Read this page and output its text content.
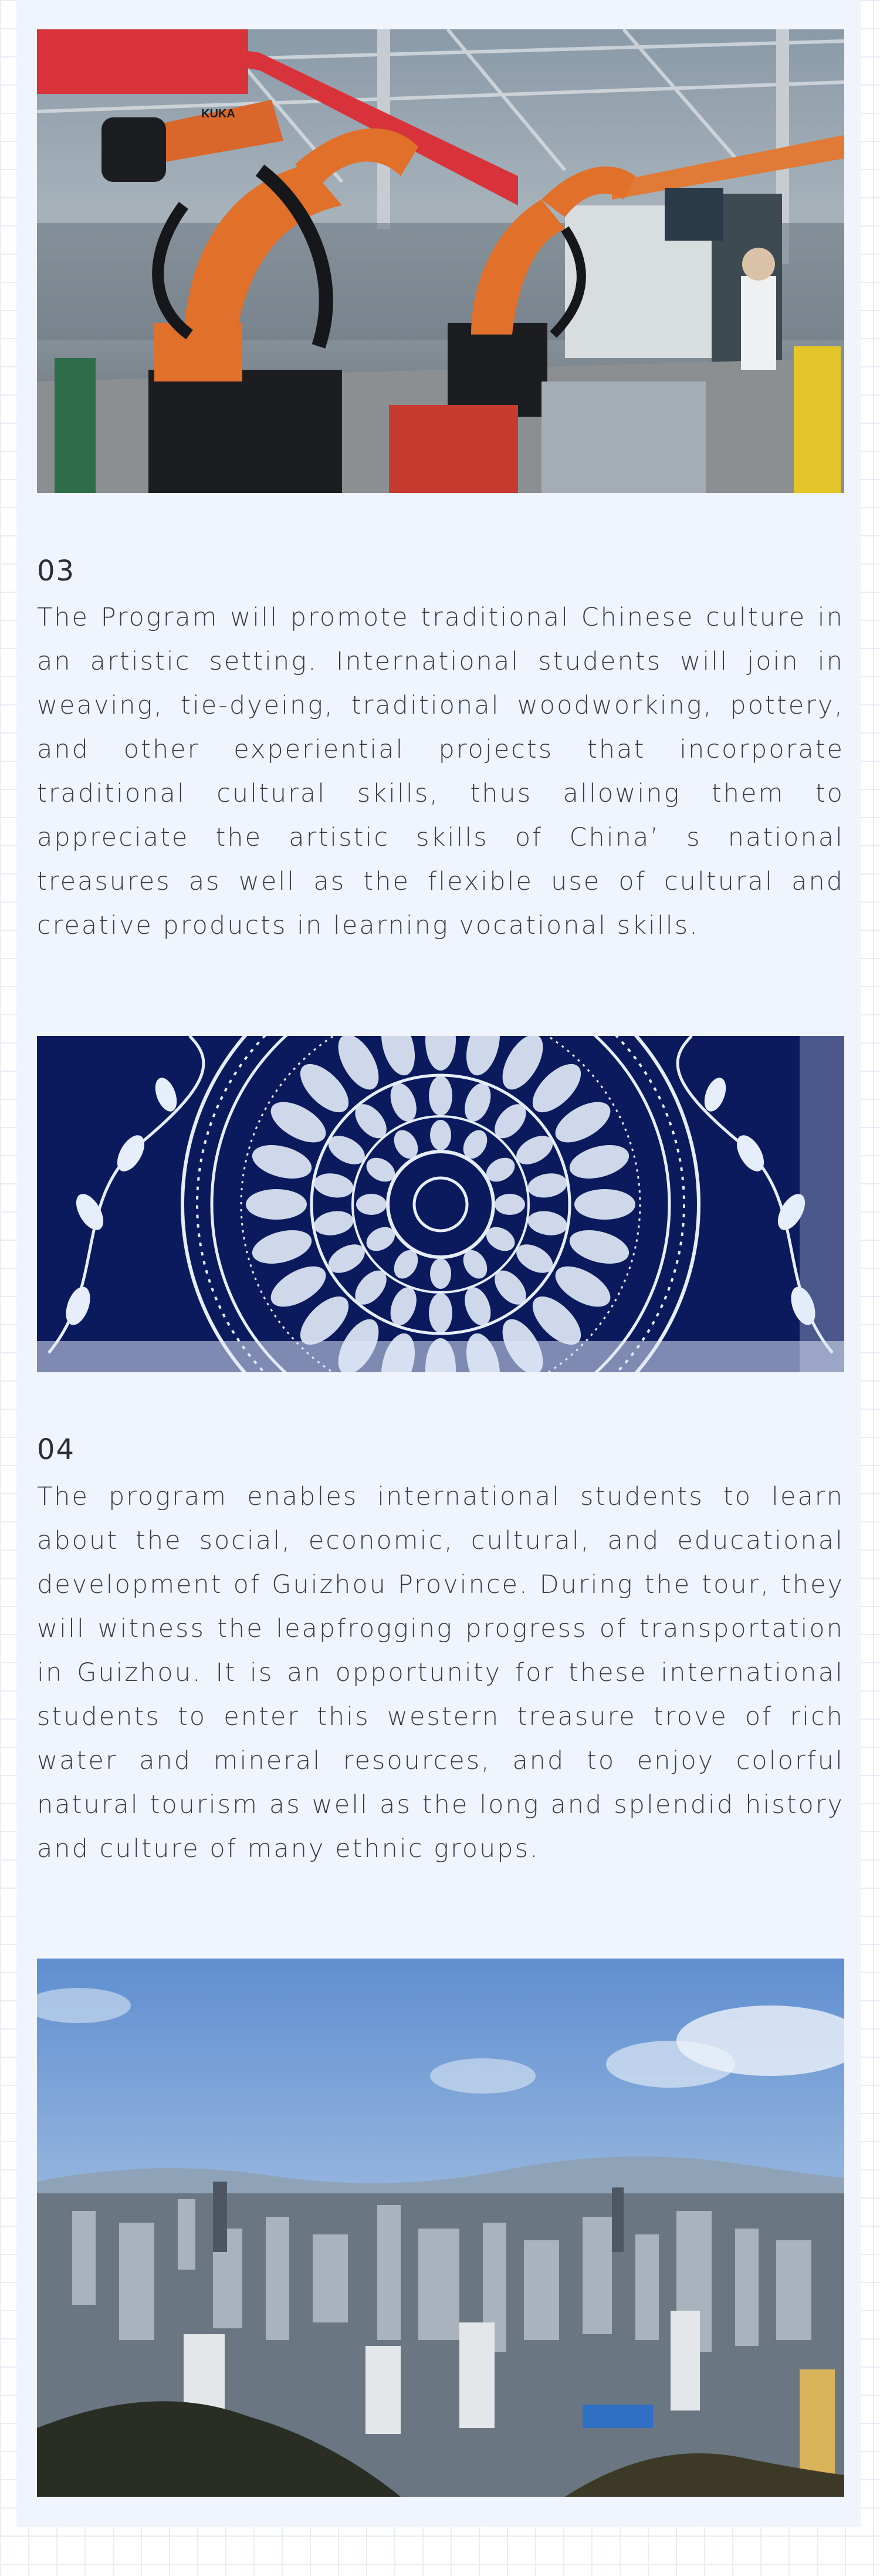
KUKA
03
The Program will promote traditional Chinese culture in an artistic setting. International students will join in weaving, tie-dyeing, traditional woodworking, pottery, and other experiential projects that incorporate traditional cultural skills, thus allowing them to appreciate the artistic skills of China’ s national treasures as well as the flexible use of cultural and creative products in learning vocational skills.
04
The program enables international students to learn about the social, economic, cultural, and educational development of Guizhou Province. During the tour, they will witness the leapfrogging progress of transportation in Guizhou. It is an opportunity for these international students to enter this western treasure trove of rich water and mineral resources, and to enjoy colorful natural tourism as well as the long and splendid history and culture of many ethnic groups.
